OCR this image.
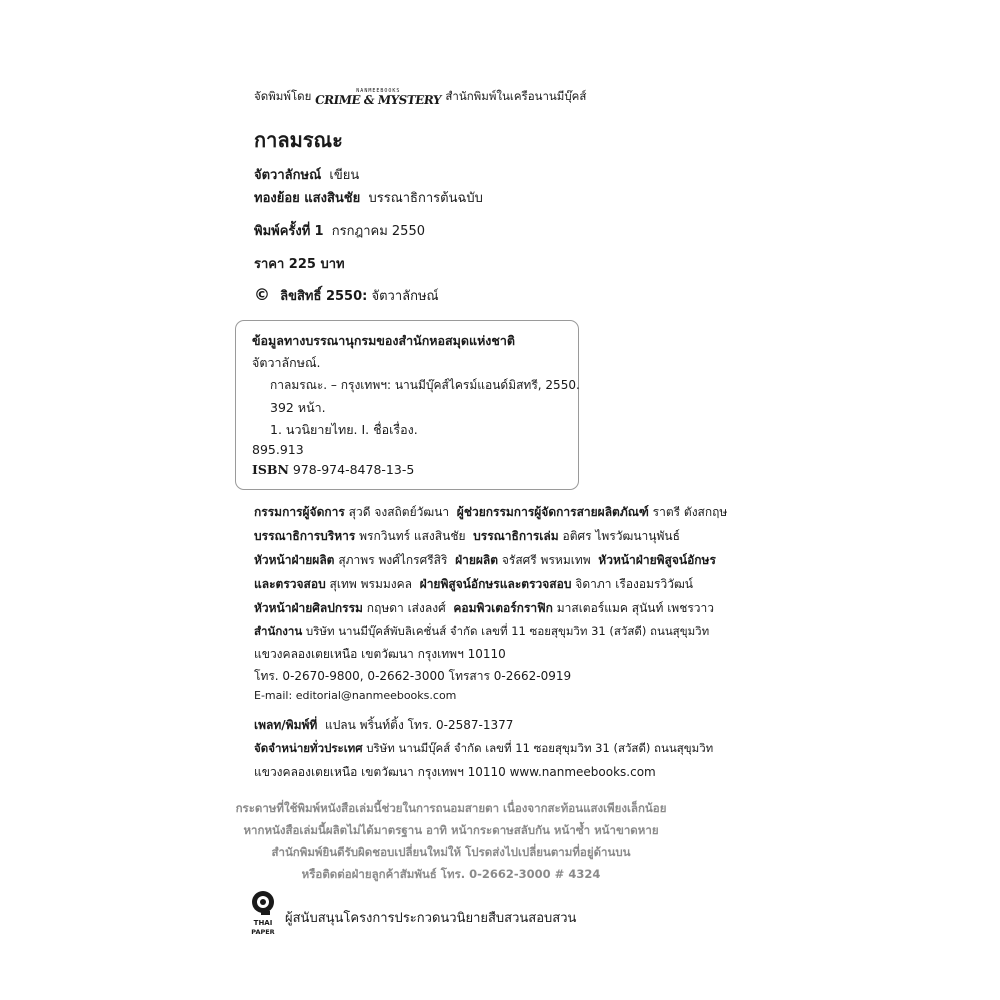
จัดพิมพ์โดย	NANMEEBOOKS
CRIME & MYSTERY สำนักพิมพ์ในเครือนานมีบุ๊คส์
กาลมรณะ
จัตวาลักษณ์ เขียน
ทองย้อย แสงสินชัย บรรณาธิการต้นฉบับ
พิมพ์ครั้งที่ 1 กรกฎาคม 2550
ราคา 225 บาท
© ลิขสิทธิ์ 2550: จัตวาลักษณ์
ข้อมูลทางบรรณานุกรมของสำนักหอสมุดแห่งชาติ
จัตวาลักษณ์.
กาลมรณะ. – กรุงเทพฯ: นานมีบุ๊คส์ไครม์แอนด์มิสทรี, 2550.
392 หน้า.
1. นวนิยายไทย. I. ชื่อเรื่อง.
895.913
ISBN 978-974-8478-13-5
กรรมการผู้จัดการ สุวดี จงสถิตย์วัฒนา ผู้ช่วยกรรมการผู้จัดการสายผลิตภัณฑ์ ราตรี ตังสกฤษ
บรรณาธิการบริหาร พรกวินทร์ แสงสินชัย บรรณาธิการเล่ม อติศร ไพรวัฒนานุพันธ์
หัวหน้าฝ่ายผลิต สุภาพร พงศ์ไกรศรีสิริ ฝ่ายผลิต จรัสศรี พรหมเทพ หัวหน้าฝ่ายพิสูจน์อักษร
และตรวจสอบ สุเทพ พรมมงคล ฝ่ายพิสูจน์อักษรและตรวจสอบ จิดาภา เรืองอมรวิวัฒน์
หัวหน้าฝ่ายศิลปกรรม กฤษดา เส่งลงศ์ คอมพิวเตอร์กราฟิก มาสเตอร์แมค สุนันท์ เพชรวาว
สำนักงาน บริษัท นานมีบุ๊คส์พับลิเคชั่นส์ จำกัด เลขที่ 11 ซอยสุขุมวิท 31 (สวัสดี) ถนนสุขุมวิท
แขวงคลองเตยเหนือ เขตวัฒนา กรุงเทพฯ 10110
โทร. 0-2670-9800, 0-2662-3000 โทรสาร 0-2662-0919
E-mail: editorial@nanmeebooks.com
เพลท/พิมพ์ที่ แปลน พริ้นท์ติ้ง โทร. 0-2587-1377
จัดจำหน่ายทั่วประเทศ บริษัท นานมีบุ๊คส์ จำกัด เลขที่ 11 ซอยสุขุมวิท 31 (สวัสดี) ถนนสุขุมวิท
แขวงคลองเตยเหนือ เขตวัฒนา กรุงเทพฯ 10110 www.nanmeebooks.com
กระดาษที่ใช้พิมพ์หนังสือเล่มนี้ช่วยในการถนอมสายตา เนื่องจากสะท้อนแสงเพียงเล็กน้อย
หากหนังสือเล่มนี้ผลิตไม่ได้มาตรฐาน อาทิ หน้ากระดาษสลับกัน หน้าซ้ำ หน้าขาดหาย
สำนักพิมพ์ยินดีรับผิดชอบเปลี่ยนใหม่ให้ โปรดส่งไปเปลี่ยนตามที่อยู่ด้านบน
หรือติดต่อฝ่ายลูกค้าสัมพันธ์ โทร. 0-2662-3000 # 4324
THAI
PAPER
ผู้สนับสนุนโครงการประกวดนวนิยายสืบสวนสอบสวน
